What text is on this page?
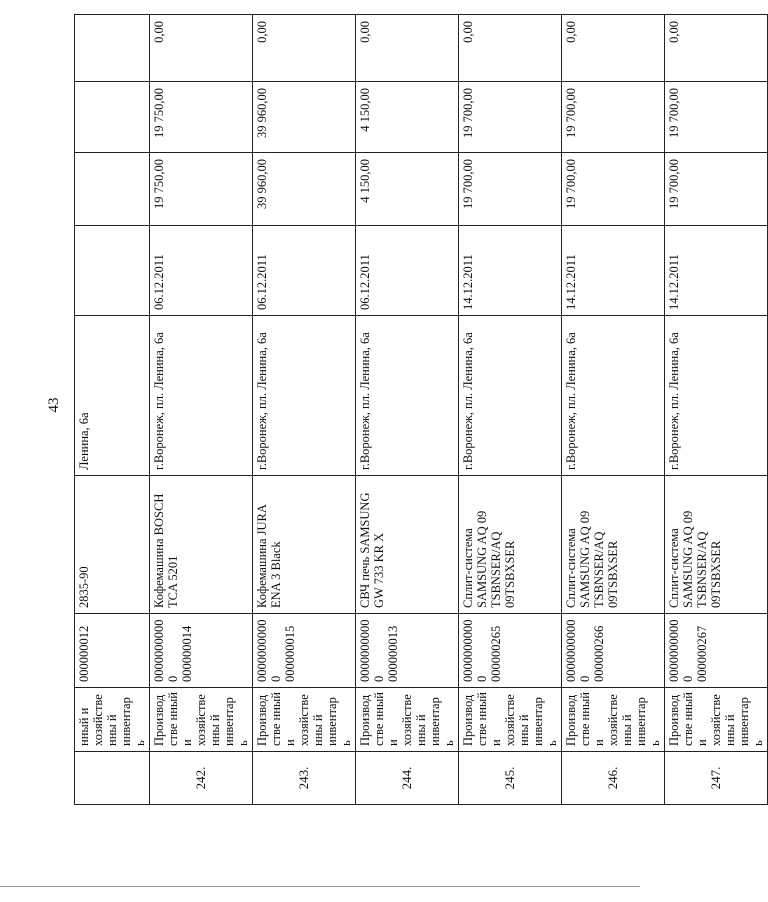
43
	нный и хозяйственны й инвентарь	000000012	2835-90	Ленина, 6а				
242.	Производстве нный и хозяйственны й инвентарь	00000000000 000000014	Кофемашина BOSCH TCA 5201	г.Воронеж, пл. Ленина, 6а	06.12.2011	19 750,00	19 750,00	0,00
243.	Производстве нный и хозяйственны й инвентарь	00000000000 000000015	Кофемашина JURA ENA 3 Black	г.Воронеж, пл. Ленина, 6а	06.12.2011	39 960,00	39 960,00	0,00
244.	Производстве нный и хозяйственны й инвентарь	00000000000 000000013	СВЧ печь SAMSUNG GW 733 KR X	г.Воронеж, пл. Ленина, 6а	06.12.2011	4 150,00	4 150,00	0,00
245.	Производстве нный и хозяйственны й инвентарь	00000000000 000000265	Сплит-система SAMSUNG AQ 09 TSBNSER/AQ 09TSBXSER	г.Воронеж, пл. Ленина, 6а	14.12.2011	19 700,00	19 700,00	0,00
246.	Производстве нный и хозяйственны й инвентарь	00000000000 000000266	Сплит-система SAMSUNG AQ 09 TSBNSER/AQ 09TSBXSER	г.Воронеж, пл. Ленина, 6а	14.12.2011	19 700,00	19 700,00	0,00
247.	Производстве нный и хозяйственны й инвентарь	00000000000 000000267	Сплит-система SAMSUNG AQ 09 TSBNSER/AQ 09TSBXSER	г.Воронеж, пл. Ленина, 6а	14.12.2011	19 700,00	19 700,00	0,00
